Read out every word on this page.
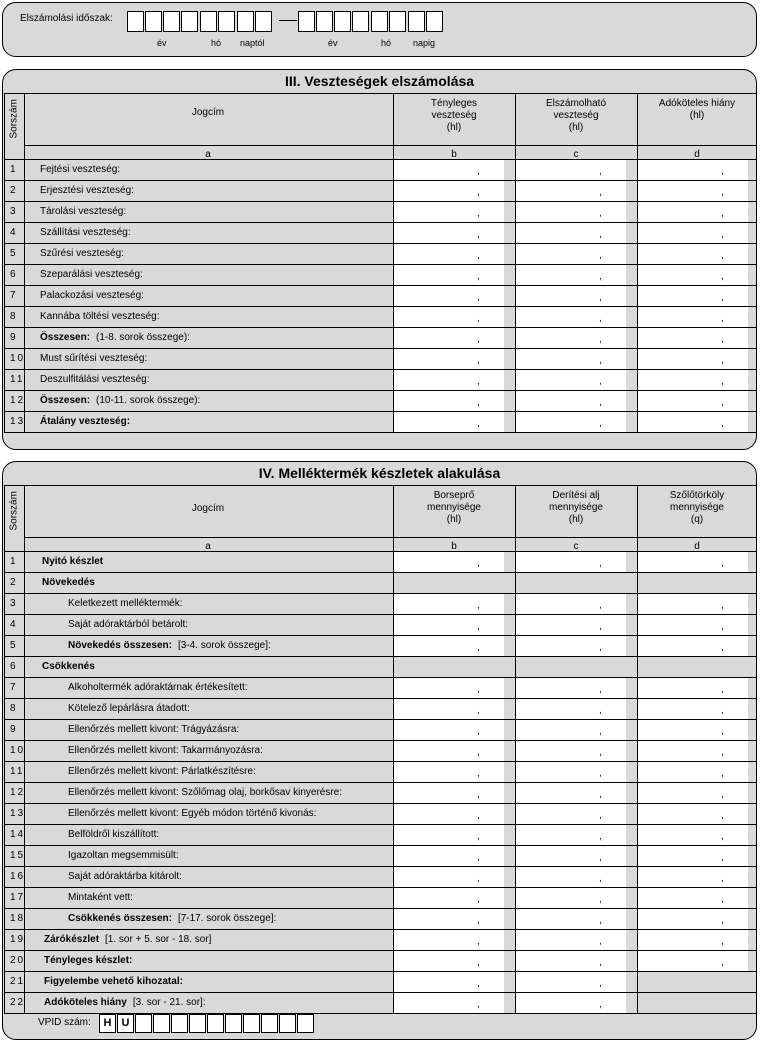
Elszámolási időszak:
év	hó naptól	év	hó napig
III. Veszteségek elszámolása
Sorszám	Jogcím
Tényleges
veszteség
(hl)
Elszámolható
veszteség
(hl)
Adóköteles hiány
(hl)
a	b	c	d
1 Fejtési veszteség:	,	,	,
2 Erjesztési veszteség:	,	,	,
3 Tárolási veszteség:	,	,	,
4 Szállítási veszteség:	,	,	,
5 Szűrési veszteség:	,	,	,
6 Szeparálási veszteség:	,	,	,
7 Palackozási veszteség:	,	,	,
8 Kannába töltési veszteség:	,	,	,
9 Összesen: (1-8. sorok összege):	,	,	,
10 Must sűrítési veszteség:	,	,	,
11 Deszulfitálási veszteség:	,	,	,
12 Összesen: (10-11. sorok összege):	,	,	,
13 Átalány veszteség:	,	,	,
IV. Melléktermék készletek alakulása
Sorszám	Jogcím
Borseprő
mennyisége
(hl)
Derítési alj
mennyisége
(hl)
Szőlőtörköly
mennyisége
(q)
a	b	c	d
1 Nyitó készlet	,	,	,
2 Növekedés
3	Keletkezett melléktermék:	,	,	,
4	Saját adóraktárból betárolt:	,	,	,
5	Növekedés összesen: [3-4. sorok összege]:	,	,	,
6 Csökkenés
7	Alkoholtermék adóraktárnak értékesített:	,	,	,
8	Kötelező lepárlásra átadott:	,	,	,
9	Ellenőrzés mellett kivont: Trágyázásra:	,	,	,
10	Ellenőrzés mellett kivont: Takarmányozásra:	,	,	,
11	Ellenőrzés mellett kivont: Párlatkészítésre:	,	,	,
12	Ellenőrzés mellett kivont: Szőlőmag olaj, borkősav kinyerésre:	,	,	,
13	Ellenőrzés mellett kivont: Egyéb módon történő kivonás:	,	,	,
14	Belföldről kiszállított:	,	,	,
15	Igazoltan megsemmisült:	,	,	,
16	Saját adóraktárba kitárolt:	,	,	,
17	Mintaként vett:	,	,	,
18	Csökkenés összesen: [7-17. sorok összege]:	,	,	,
19 Zárókészlet [1. sor + 5. sor - 18. sor]	,	,	,
20 Tényleges készlet:	,	,	,
21 Figyelembe vehető kihozatal:	,	,
22 Adóköteles hiány [3. sor - 21. sor]:	,	,
VPID szám:	H U
